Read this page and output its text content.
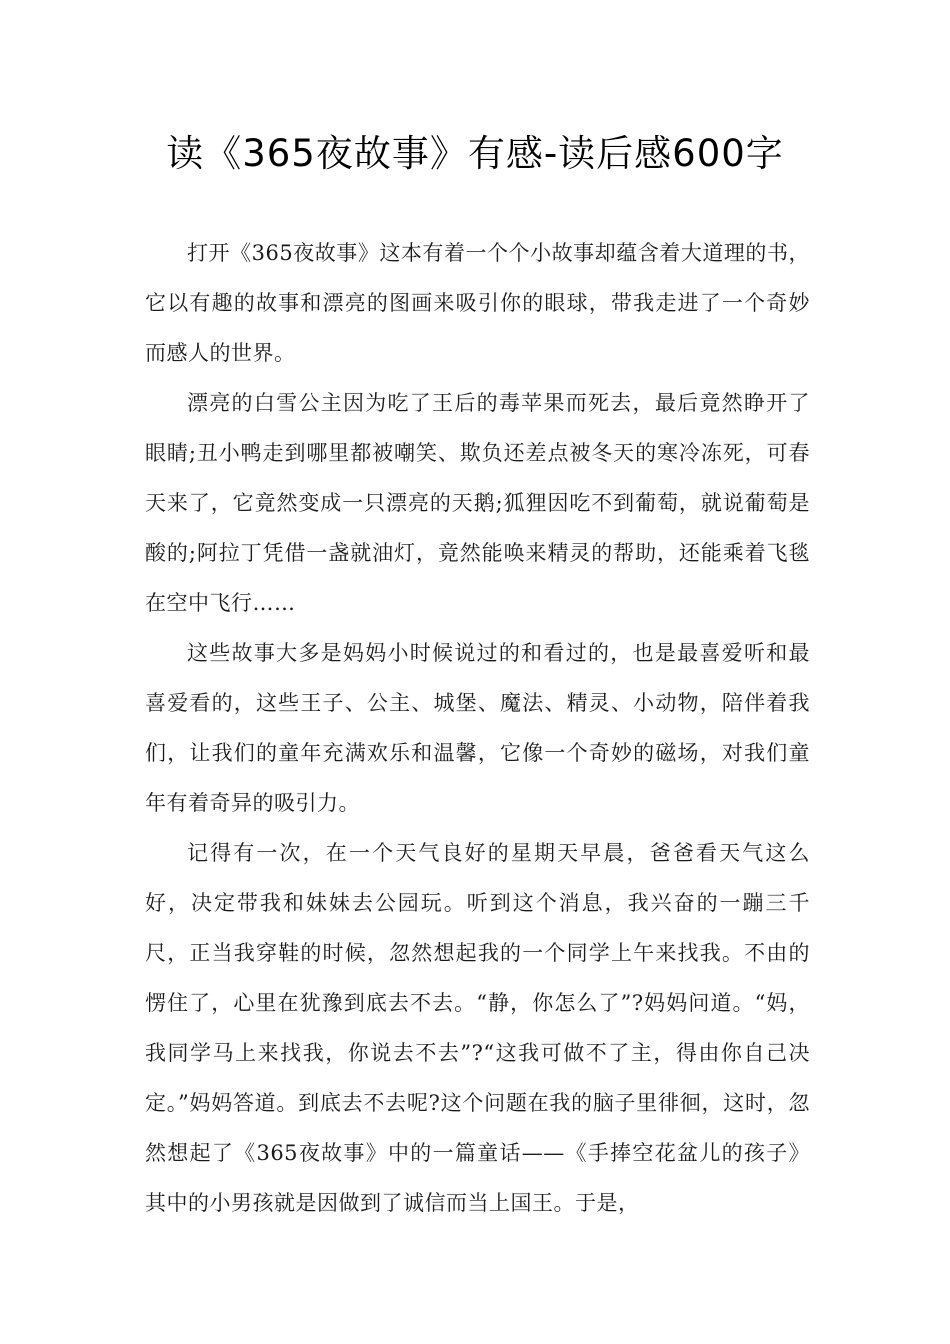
读《365夜故事》有感-读后感600字

打开《365夜故事》这本有着一个个小故事却蕴含着大道理的书，它以有趣的故事和漂亮的图画来吸引你的眼球，带我走进了一个奇妙而感人的世界。

漂亮的白雪公主因为吃了王后的毒苹果而死去，最后竟然睁开了眼睛;丑小鸭走到哪里都被嘲笑、欺负还差点被冬天的寒冷冻死，可春天来了，它竟然变成一只漂亮的天鹅;狐狸因吃不到葡萄，就说葡萄是酸的;阿拉丁凭借一盏就油灯，竟然能唤来精灵的帮助，还能乘着飞毯在空中飞行……

这些故事大多是妈妈小时候说过的和看过的，也是最喜爱听和最喜爱看的，这些王子、公主、城堡、魔法、精灵、小动物，陪伴着我们，让我们的童年充满欢乐和温馨，它像一个奇妙的磁场，对我们童年有着奇异的吸引力。

记得有一次，在一个天气良好的星期天早晨，爸爸看天气这么好，决定带我和妹妹去公园玩。听到这个消息，我兴奋的一蹦三千尺，正当我穿鞋的时候，忽然想起我的一个同学上午来找我。不由的愣住了，心里在犹豫到底去不去。“静，你怎么了”?妈妈问道。“妈，我同学马上来找我，你说去不去”?“这我可做不了主，得由你自己决定。”妈妈答道。到底去不去呢?这个问题在我的脑子里徘徊，这时，忽然想起了《365夜故事》中的一篇童话——《手捧空花盆儿的孩子》其中的小男孩就是因做到了诚信而当上国王。于是，
